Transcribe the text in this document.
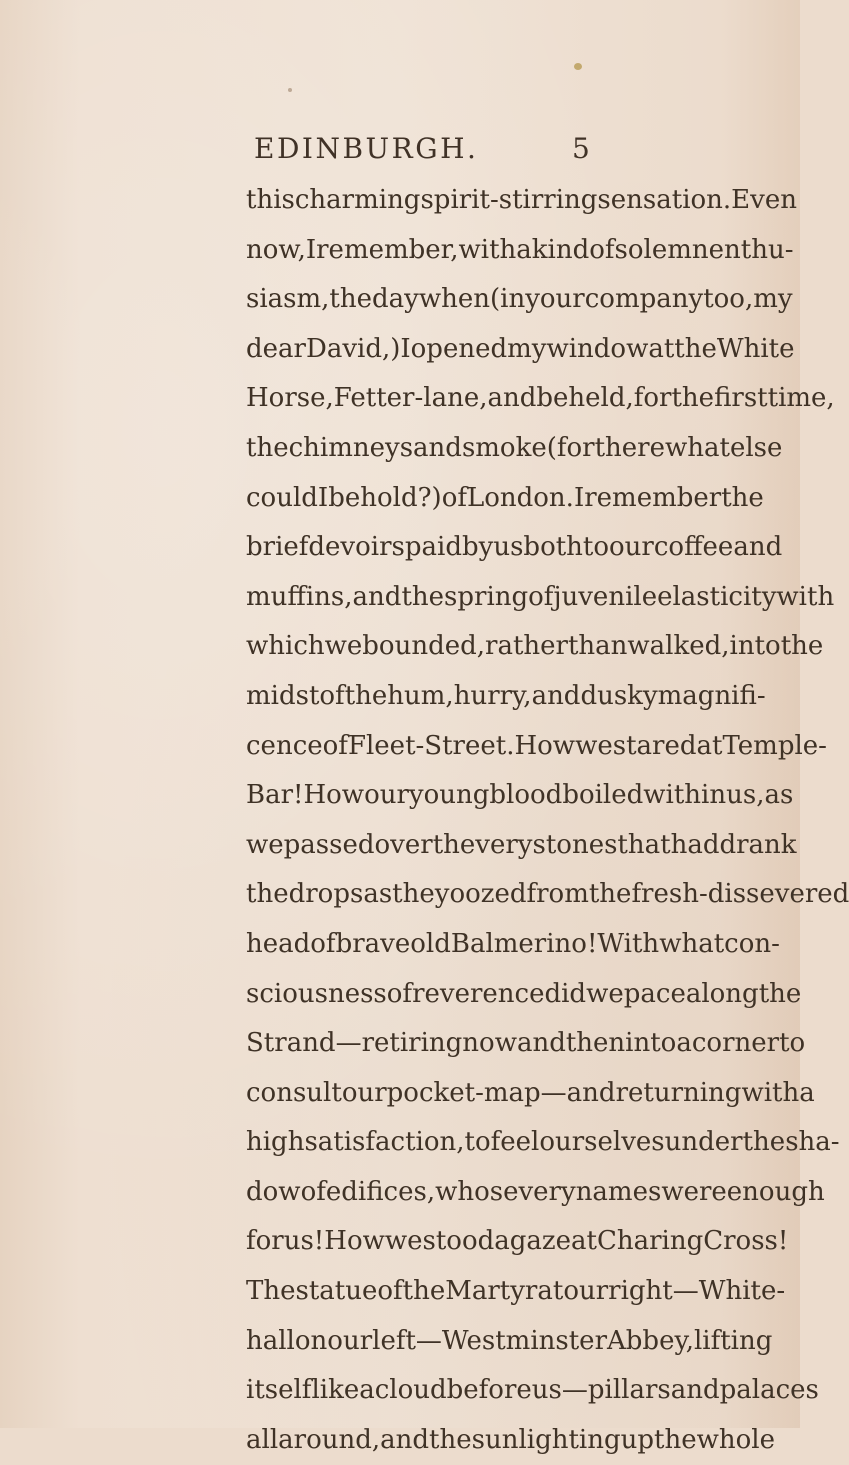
EDINBURGH.	5
this charming spirit-stirring sensation. Even
now, I remember, with a kind of solemn enthu-
siasm, the day when (in your company too, my
dear David,) I opened my window at the White
Horse, Fetter-lane, and beheld, for the first time,
the chimneys and smoke (for there what else
could I behold?) of London. I remember the
brief devoirs paid by us both to our coffee and
muffins, and the spring of juvenile elasticity with
which we bounded, rather than walked, into the
midst of the hum, hurry, and dusky magnifi-
cence of Fleet-Street. How we stared at Temple-
Bar! How our young blood boiled within us, as
we passed over the very stones that had drank
the drops as they oozed from the fresh-dissevered
head of brave old Balmerino! With what con-
sciousness of reverence did we pace along the
Strand—retiring now and then into a corner to
consult our pocket-map—and returning with a
high satisfaction, to feel ourselves under the sha-
dow of edifices, whose very names were enough
for us! How we stood agaze at Charing Cross!
The statue of the Martyr at our right—White-
hall on our left—Westminster Abbey, lifting
itself like a cloud before us—pillars and palaces
all around, and the sun lighting up the whole
